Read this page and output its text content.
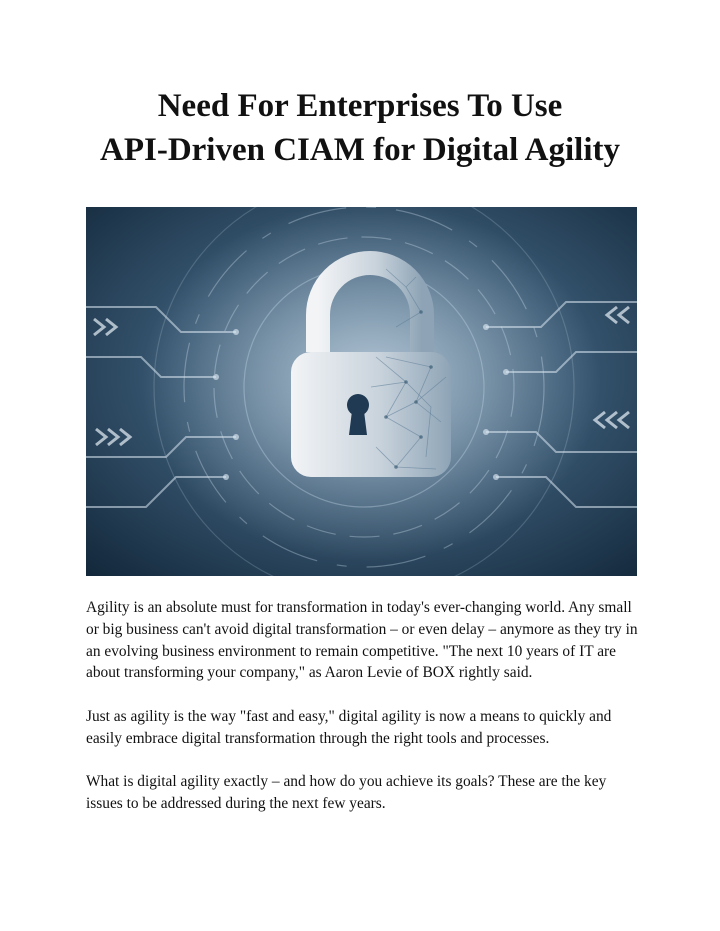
Need For Enterprises To Use
API-Driven CIAM for Digital Agility

Agility is an absolute must for transformation in today's ever-changing world. Any small or big business can't avoid digital transformation – or even delay – anymore as they try in an evolving business environment to remain competitive. "The next 10 years of IT are about transforming your company," as Aaron Levie of BOX rightly said.

Just as agility is the way "fast and easy," digital agility is now a means to quickly and easily embrace digital transformation through the right tools and processes.

What is digital agility exactly – and how do you achieve its goals? These are the key issues to be addressed during the next few years.
